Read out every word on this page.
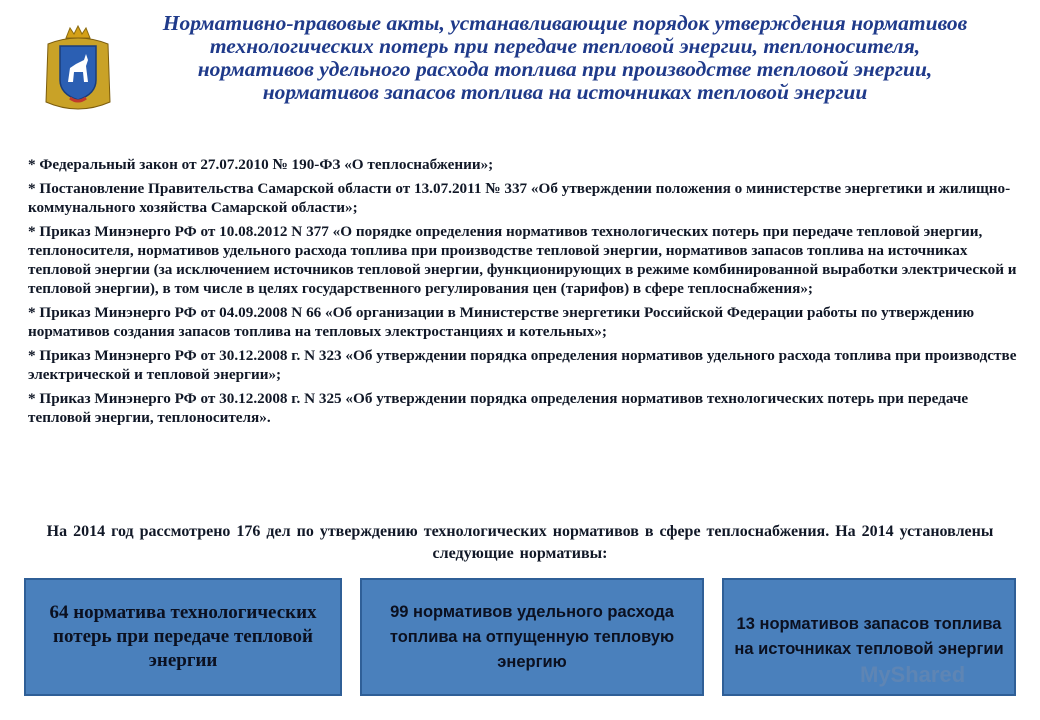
Нормативно-правовые акты, устанавливающие порядок утверждения нормативов технологических потерь при передаче тепловой энергии, теплоносителя, нормативов удельного расхода топлива при производстве тепловой энергии, нормативов запасов топлива на источниках тепловой энергии

* Федеральный закон от 27.07.2010 № 190-ФЗ «О теплоснабжении»;

* Постановление Правительства Самарской области от 13.07.2011 № 337 «Об утверждении положения о министерстве энергетики и жилищно-коммунального хозяйства Самарской области»;

* Приказ Минэнерго РФ от 10.08.2012 N 377 «О порядке определения нормативов технологических потерь при передаче тепловой энергии, теплоносителя, нормативов удельного расхода топлива при производстве тепловой энергии, нормативов запасов топлива на источниках тепловой энергии (за исключением источников тепловой энергии, функционирующих в режиме комбинированной выработки электрической и тепловой энергии), в том числе в целях государственного регулирования цен (тарифов) в сфере теплоснабжения»;

* Приказ Минэнерго РФ от 04.09.2008 N 66 «Об организации в Министерстве энергетики Российской Федерации работы по утверждению нормативов создания запасов топлива на тепловых электростанциях и котельных»;

* Приказ Минэнерго РФ от 30.12.2008 г. N 323 «Об утверждении порядка определения нормативов удельного расхода топлива при производстве электрической и тепловой энергии»;

* Приказ Минэнерго РФ от 30.12.2008 г. N 325 «Об утверждении порядка определения нормативов технологических потерь при передаче тепловой энергии, теплоносителя».

На 2014 год рассмотрено 176 дел по утверждению технологических нормативов в сфере теплоснабжения. На 2014 установлены следующие нормативы:
64 норматива технологических потерь при передаче тепловой энергии
99 нормативов удельного расхода топлива на отпущенную тепловую энергию
13 нормативов запасов топлива на источниках тепловой энергии
MyShared
